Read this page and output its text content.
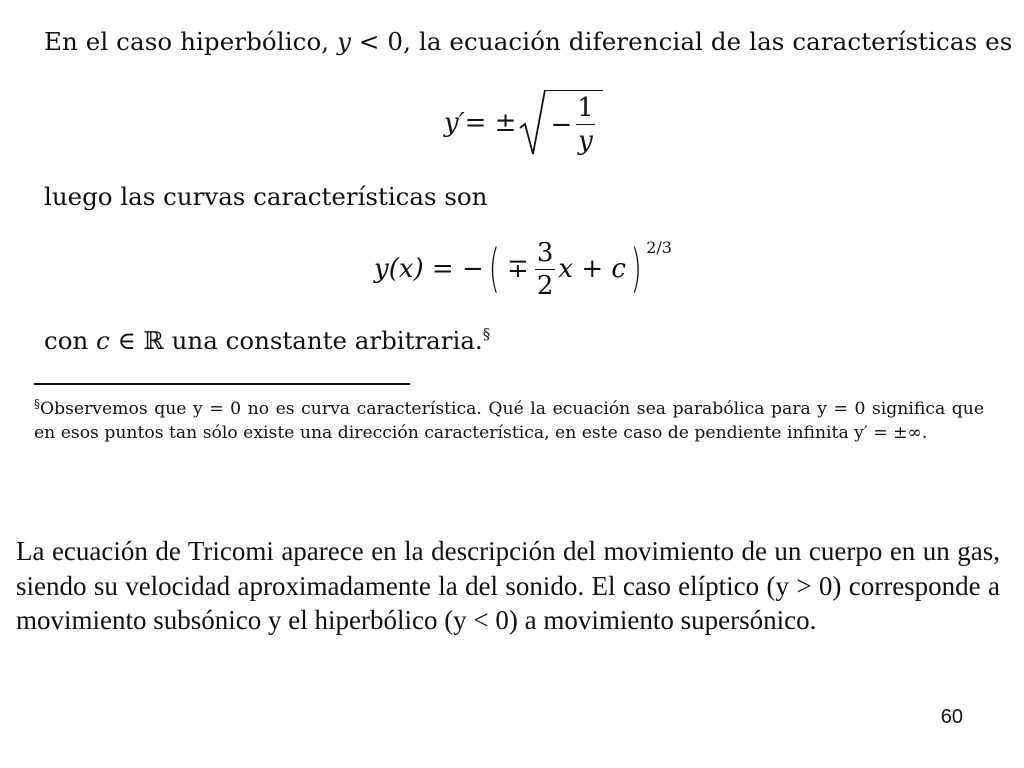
En el caso hiperbólico, y < 0, la ecuación diferencial de las características es
y′ = ± − $\frac{1}{y}$
luego las curvas características son
y(x) = − ( ∓ $\frac{3}{2}$ x + c ) 2/3
con c ∈ ℝ una constante arbitraria.§

§Observemos que y = 0 no es curva característica. Qué la ecuación sea parabólica para y = 0 significa que en esos puntos tan sólo existe una dirección característica, en este caso de pendiente infinita y′ = ±∞.

La ecuación de Tricomi aparece en la descripción del movimiento de un cuerpo en un gas, siendo su velocidad aproximadamente la del sonido. El caso elíptico (y > 0) corresponde a movimiento subsónico y el hiperbólico (y < 0) a movimiento supersónico.
60
